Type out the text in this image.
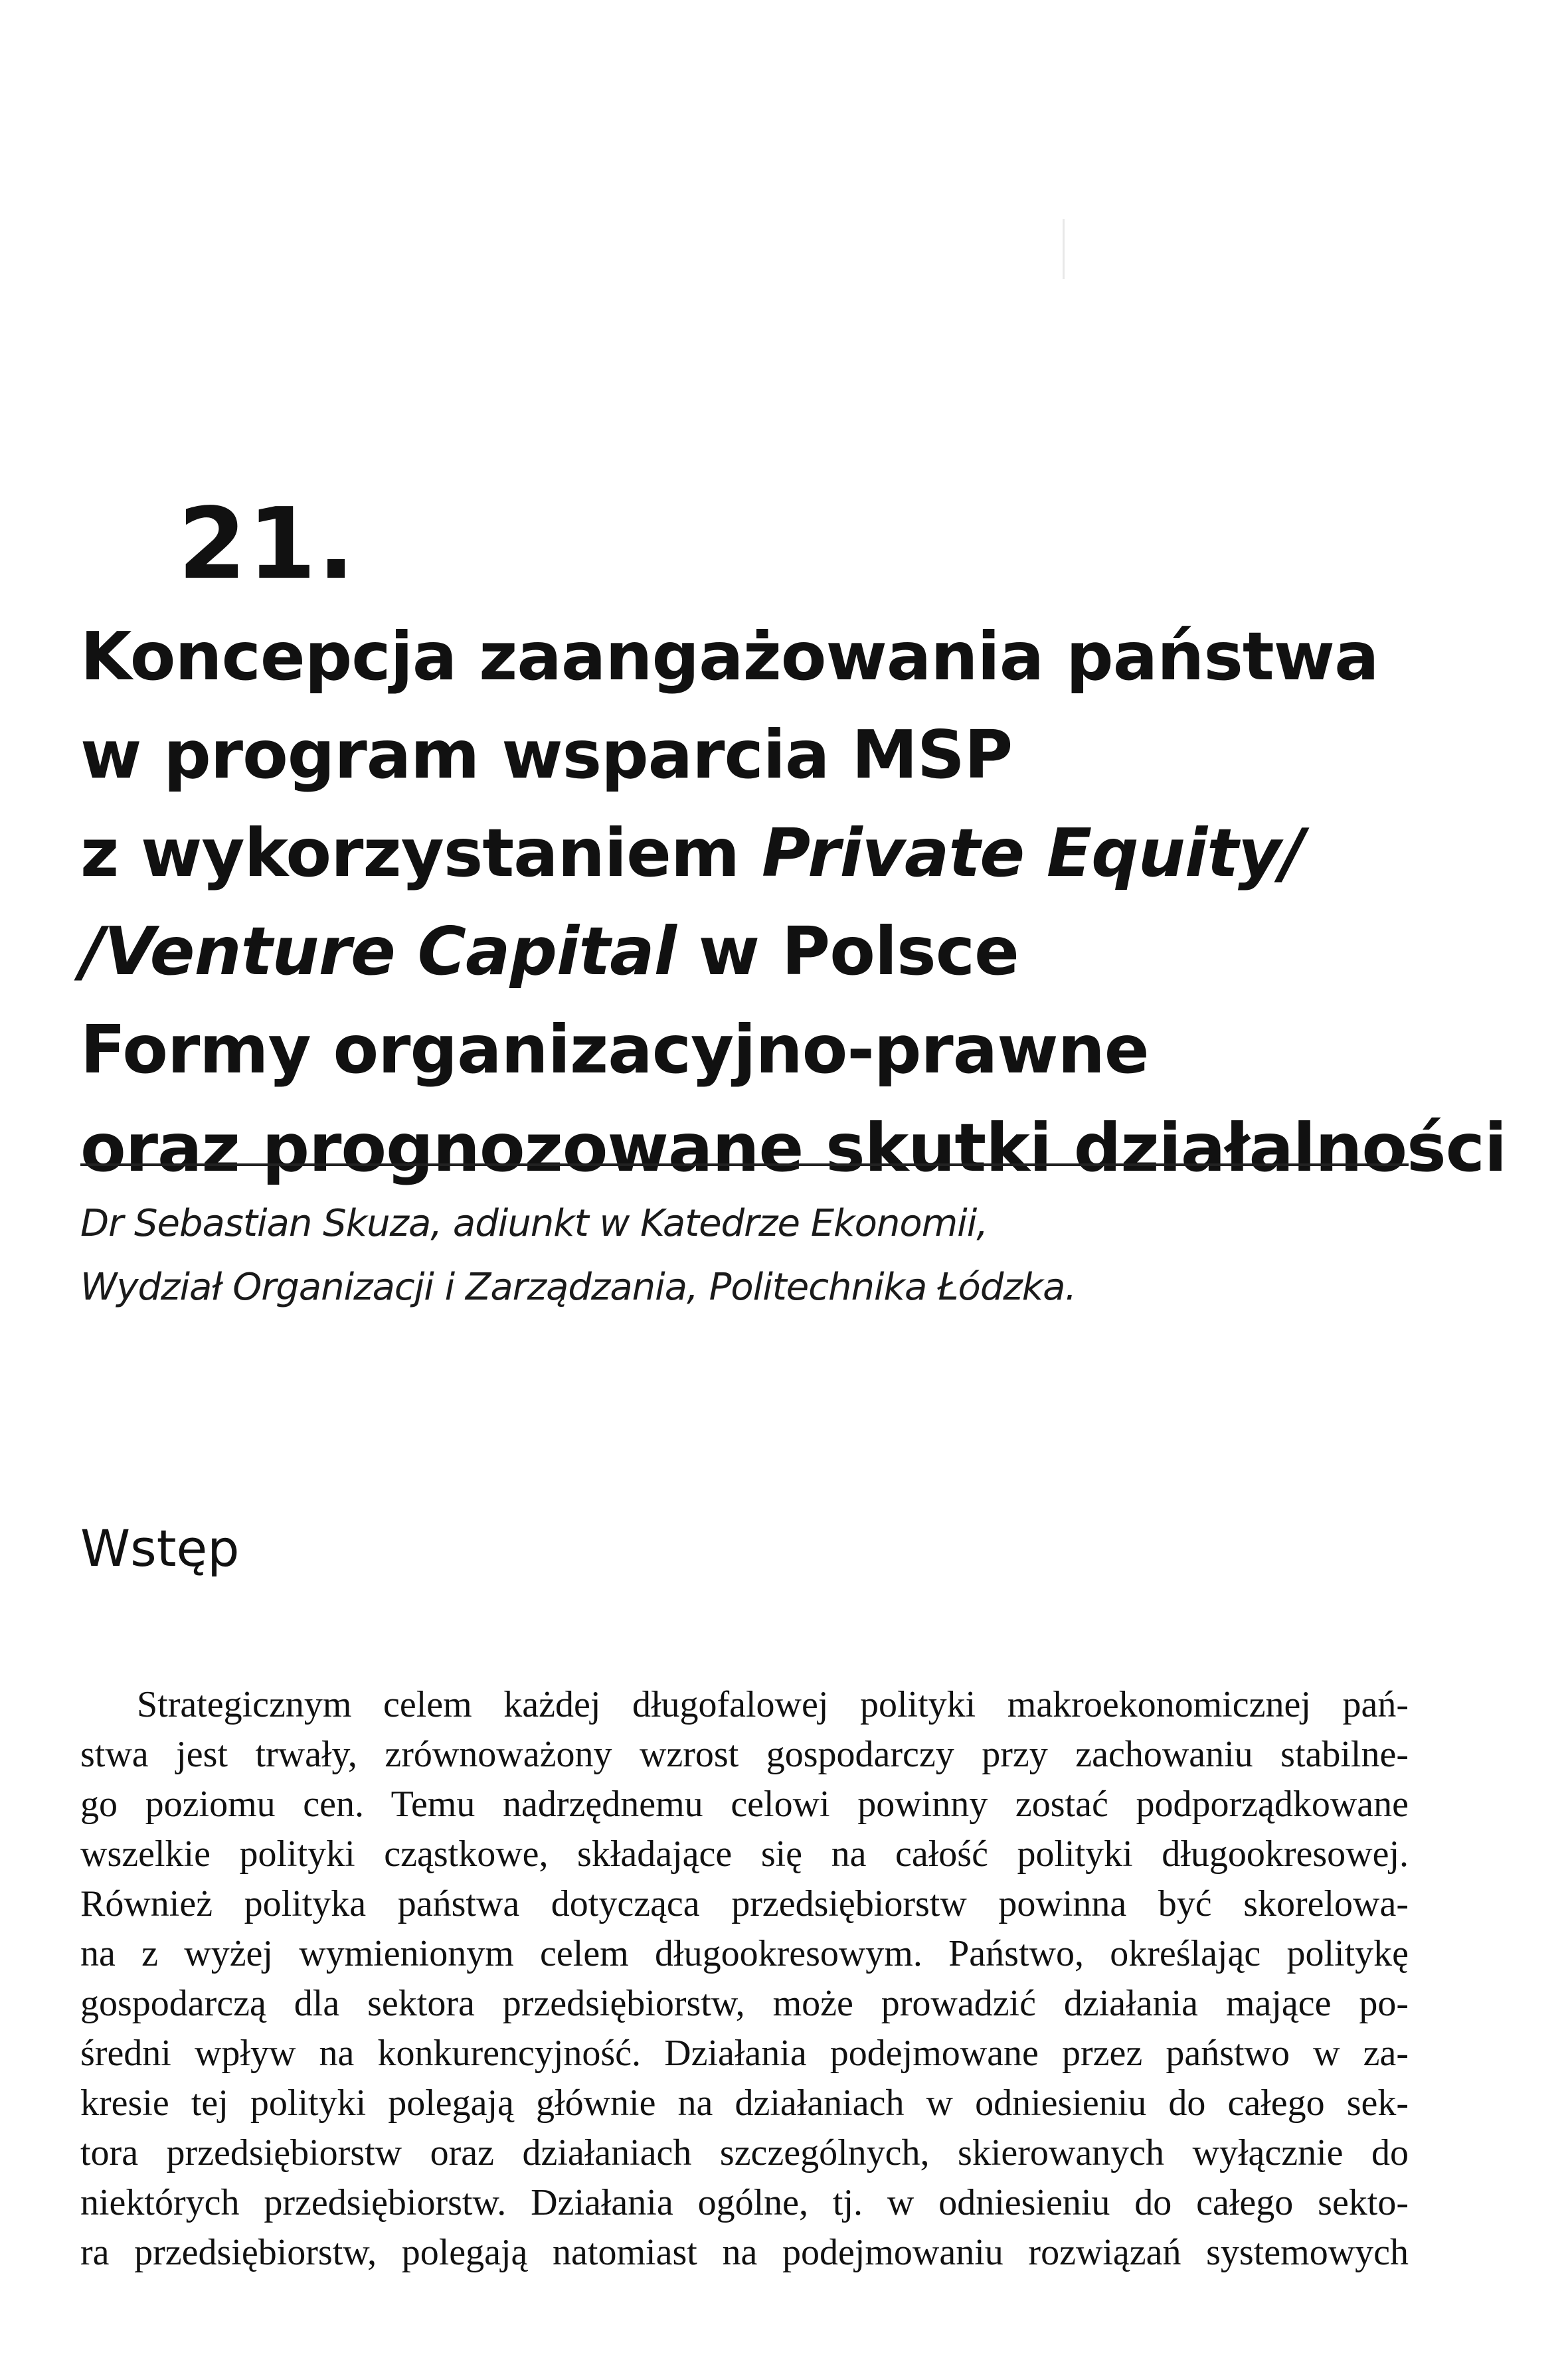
21.
Koncepcja zaangażowania państwa
w program wsparcia MSP
z wykorzystaniem Private Equity/
/Venture Capital w Polsce
Formy organizacyjno-prawne
oraz prognozowane skutki działalności
Dr Sebastian Skuza, adiunkt w Katedrze Ekonomii,
Wydział Organizacji i Zarządzania, Politechnika Łódzka.
Wstęp
Strategicznym celem każdej długofalowej polityki makroekonomicznej pań-
stwa jest trwały, zrównoważony wzrost gospodarczy przy zachowaniu stabilne-
go poziomu cen. Temu nadrzędnemu celowi powinny zostać podporządkowane
wszelkie polityki cząstkowe, składające się na całość polityki długookresowej.
Również polityka państwa dotycząca przedsiębiorstw powinna być skorelowa-
na z wyżej wymienionym celem długookresowym. Państwo, określając politykę
gospodarczą dla sektora przedsiębiorstw, może prowadzić działania mające po-
średni wpływ na konkurencyjność. Działania podejmowane przez państwo w za-
kresie tej polityki polegają głównie na działaniach w odniesieniu do całego sek-
tora przedsiębiorstw oraz działaniach szczególnych, skierowanych wyłącznie do
niektórych przedsiębiorstw. Działania ogólne, tj. w odniesieniu do całego sekto-
ra przedsiębiorstw, polegają natomiast na podejmowaniu rozwiązań systemowych
